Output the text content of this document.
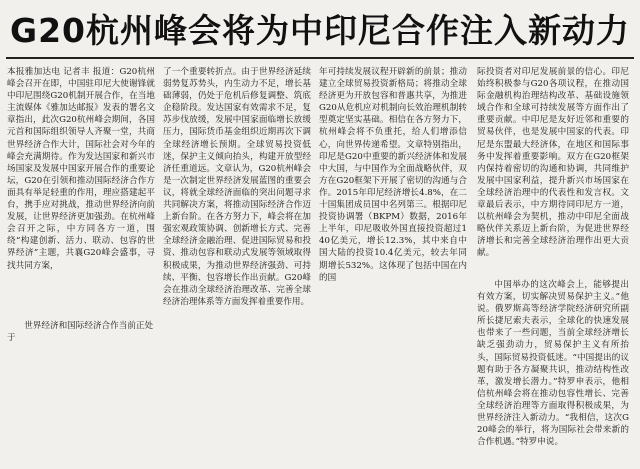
G20杭州峰会将为中印尼合作注入新动力

本报雅加达电 记者丰 报道：G20杭州峰会召开在即，中国驻印尼大使谢锋就中印尼围绕G20机制开展合作，在当地主流媒体《雅加达邮报》发表的署名文章指出，此次G20杭州峰会期间，各国元首和国际组织领导人齐聚一堂，共商世界经济合作大计，国际社会对今年的峰会充满期待。作为发达国家和新兴市场国家及发展中国家开展合作的重要论坛，G20在引领和推动国际经济合作方面具有举足轻重的作用，理应搭建起平台，携手应对挑战，推动世界经济向前发展，让世界经济更加强劲。在杭州峰会召开之际，中方同各方一道，围绕“构建创新、活力、联动、包容的世界经济”主题，共襄G20峰会盛事，寻找共同方案，

世界经济和国际经济合作当前正处于

了一个重要转折点。由于世界经济延续弱势复苏势头，内生动力不足，增长基础薄弱，仍处于危机后修复调整、筑底企稳阶段。发达国家有效需求不足，复苏步伐放缓，发展中国家面临增长放缓压力，国际货币基金组织近期再次下调全球经济增长预期。全球贸易投资低迷，保护主义倾向抬头，构建开放型经济任重道远。文章认为，G20杭州峰会是一次制定世界经济发展蓝图的重要会议，将就全球经济面临的突出问题寻求共同解决方案，将推动国际经济合作迈上新台阶。在各方努力下，峰会将在加强宏观政策协调、创新增长方式、完善全球经济金融治理、促进国际贸易和投资、推动包容和联动式发展等领域取得积极成果，为推动世界经济强劲、可持续、平衡、包容增长作出贡献。G20峰会在推动全球经济治理改革、完善全球经济治理体系等方面发挥着重要作用。

年可持续发展议程开辟新的前景；推动建立全球贸易投资新格局；将推动全球经济更为开放包容和普惠共享，为推进G20从危机应对机制向长效治理机制转型奠定坚实基础。相信在各方努力下，杭州峰会将不负重托，给人们增添信心，向世界传递希望。文章特别指出，印尼是G20中重要的新兴经济体和发展中大国，与中国作为全面战略伙伴，双方在G20框架下开展了密切的沟通与合作。2015年印尼经济增长4.8%，在二十国集团成员国中名列第三。根据印尼投资协调署（BKPM）数据，2016年上半年，印尼吸收外国直接投资超过140亿美元，增长12.3%，其中来自中国大陆的投资10.4亿美元，较去年同期增长532%。这体现了包括中国在内的国

际投资者对印尼发展前景的信心。印尼始终积极参与G20各项议程，在推动国际金融机构治理结构改革、基础设施领域合作和全球可持续发展等方面作出了重要贡献。中印尼是友好近邻和重要的贸易伙伴，也是发展中国家的代表。印尼是东盟最大经济体，在地区和国际事务中发挥着重要影响。双方在G20框架内保持着密切的沟通和协调，共同维护发展中国家利益，提升新兴市场国家在全球经济治理中的代表性和发言权。文章最后表示，中方期待同印尼方一道，以杭州峰会为契机，推动中印尼全面战略伙伴关系迈上新台阶，为促进世界经济增长和完善全球经济治理作出更大贡献。

中国举办的这次峰会上，能够提出有效方案，切实解决贸易保护主义。”他说。俄罗斯高等经济学院经济研究所副所长捷尼索夫表示，全球化的快速发展也带来了一些问题，当前全球经济增长缺乏强劲动力，贸易保护主义有所抬头，国际贸易投资低迷。“中国提出的议题有助于各方凝聚共识，推动结构性改革，激发增长潜力。”特罗申表示，他相信杭州峰会将在推动包容性增长、完善全球经济治理等方面取得积极成果，为世界经济注入新动力。“我相信，这次G20峰会的举行，将为国际社会带来新的合作机遇。”特罗申说。
